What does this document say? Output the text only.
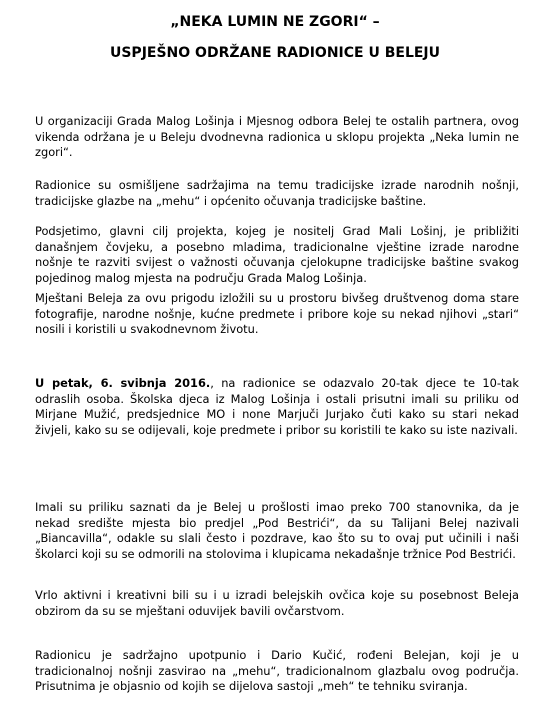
„NEKA LUMIN NE ZGORI“ –
USPJEŠNO ODRŽANE RADIONICE U BELEJU

U organizaciji Grada Malog Lošinja i Mjesnog odbora Belej te ostalih partnera, ovog vikenda održana je u Beleju dvodnevna radionica u sklopu projekta „Neka lumin ne zgori“.

Radionice su osmišljene sadržajima na temu tradicijske izrade narodnih nošnji, tradicijske glazbe na „mehu“ i općenito očuvanja tradicijske baštine.

Podsjetimo, glavni cilj projekta, kojeg je nositelj Grad Mali Lošinj, je približiti današnjem čovjeku, a posebno mladima, tradicionalne vještine izrade narodne nošnje te razviti svijest o važnosti očuvanja cjelokupne tradicijske baštine svakog pojedinog malog mjesta na području Grada Malog Lošinja.

Mještani Beleja za ovu prigodu izložili su u prostoru bivšeg društvenog doma stare fotografije, narodne nošnje, kućne predmete i pribore koje su nekad njihovi „stari“ nosili i koristili u svakodnevnom životu.

U petak, 6. svibnja 2016., na radionice se odazvalo 20-tak djece te 10-tak odraslih osoba. Školska djeca iz Malog Lošinja i ostali prisutni imali su priliku od Mirjane Mužić, predsjednice MO i none Marjuči Jurjako čuti kako su stari nekad živjeli, kako su se odijevali, koje predmete i pribor su koristili te kako su iste nazivali.

Imali su priliku saznati da je Belej u prošlosti imao preko 700 stanovnika, da je nekad središte mjesta bio predjel „Pod Bestrići“, da su Talijani Belej nazivali „Biancavilla“, odakle su slali često i pozdrave, kao što su to ovaj put učinili i naši školarci koji su se odmorili na stolovima i klupicama nekadašnje tržnice Pod Bestrići.

Vrlo aktivni i kreativni bili su i u izradi belejskih ovčica koje su posebnost Beleja obzirom da su se mještani oduvijek bavili ovčarstvom.

Radionicu je sadržajno upotpunio i Dario Kučić, rođeni Belejan, koji je u tradicionalnoj nošnji zasvirao na „mehu“, tradicionalnom glazbalu ovog područja. Prisutnima je objasnio od kojih se dijelova sastoji „meh“ te tehniku sviranja.
